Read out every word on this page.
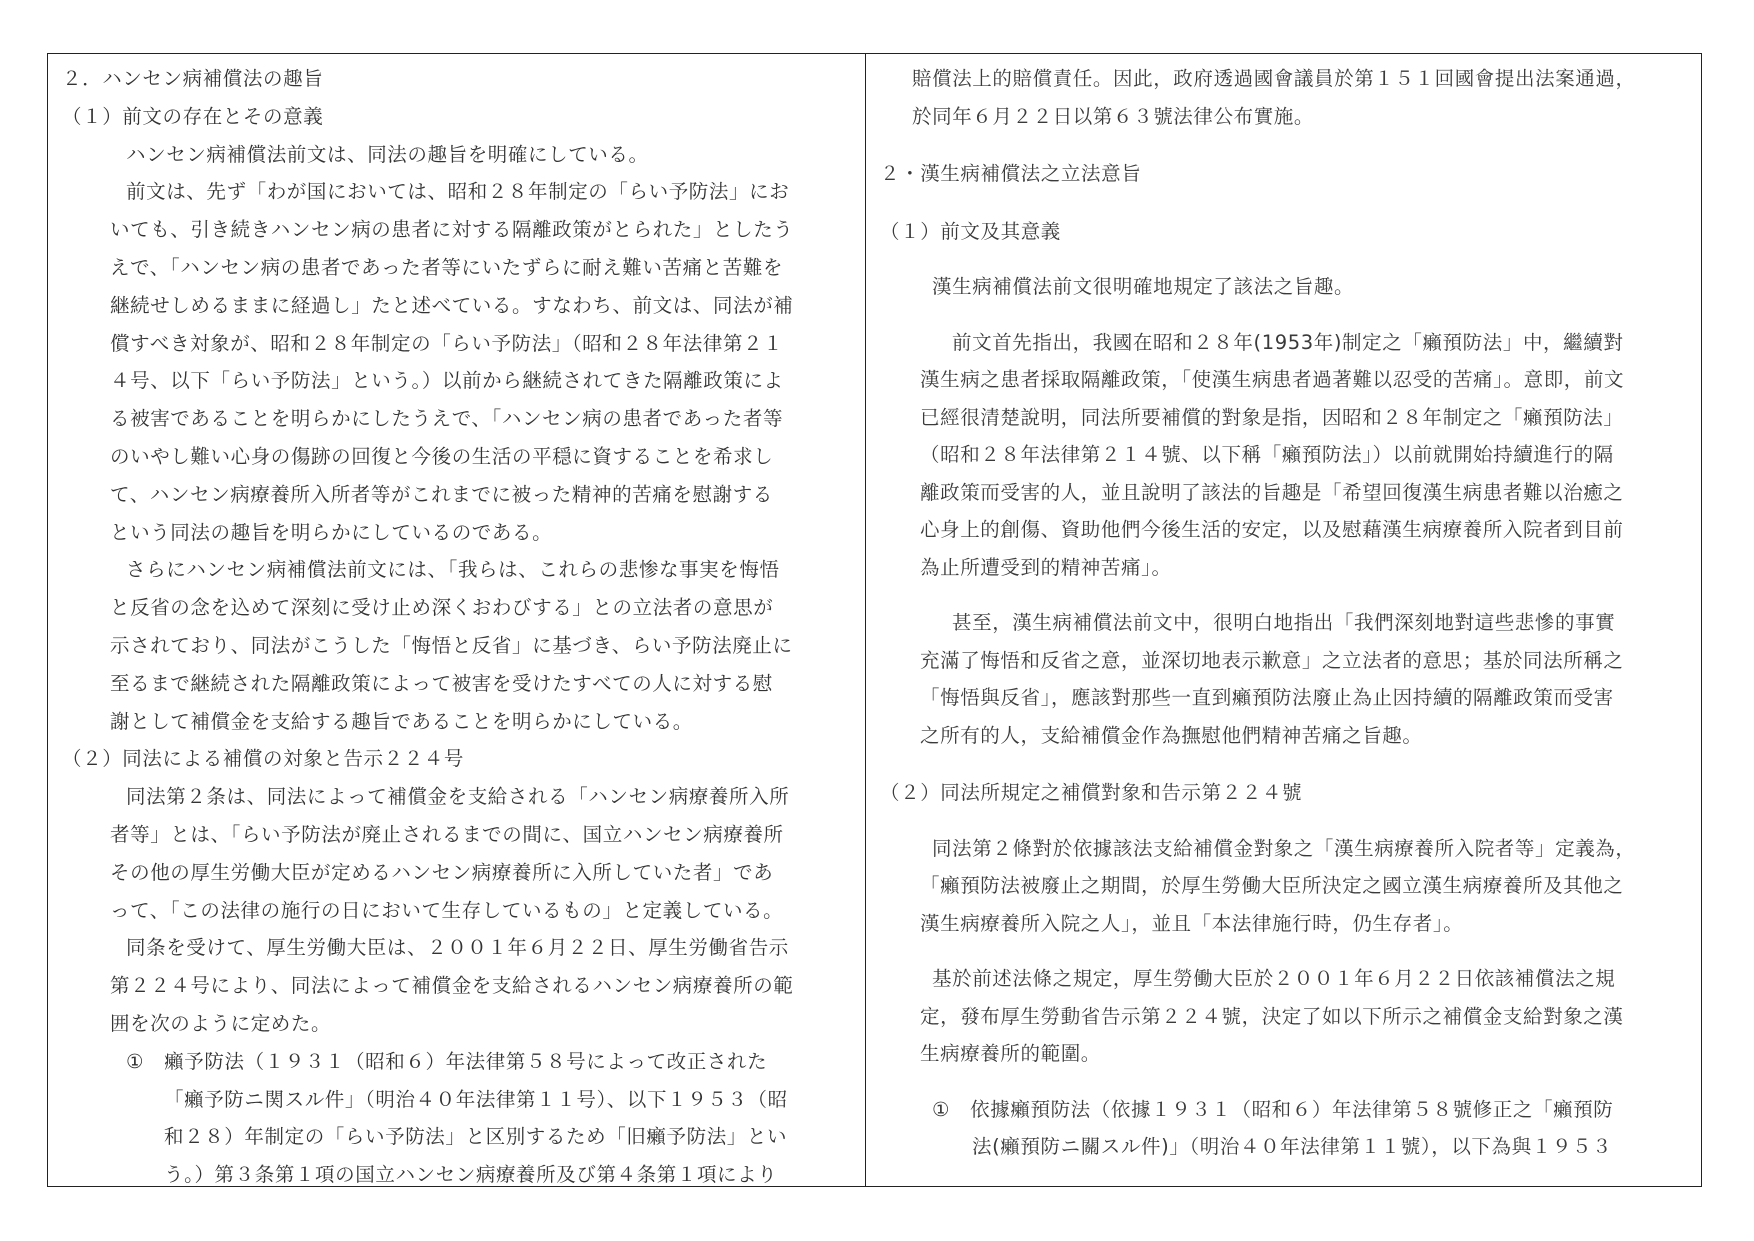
２．ハンセン病補償法の趣旨

（１）前文の存在とその意義

ハンセン病補償法前文は、同法の趣旨を明確にしている。

前文は、先ず「わが国においては、昭和２８年制定の「らい予防法」にお

いても、引き続きハンセン病の患者に対する隔離政策がとられた」としたう

えで、「ハンセン病の患者であった者等にいたずらに耐え難い苦痛と苦難を

継続せしめるままに経過し」たと述べている。すなわち、前文は、同法が補

償すべき対象が、昭和２８年制定の「らい予防法」（昭和２８年法律第２１

４号、以下「らい予防法」という。）以前から継続されてきた隔離政策によ

る被害であることを明らかにしたうえで、「ハンセン病の患者であった者等

のいやし難い心身の傷跡の回復と今後の生活の平穏に資することを希求し

て、ハンセン病療養所入所者等がこれまでに被った精神的苦痛を慰謝する

という同法の趣旨を明らかにしているのである。

さらにハンセン病補償法前文には、「我らは、これらの悲惨な事実を悔悟

と反省の念を込めて深刻に受け止め深くおわびする」との立法者の意思が

示されており、同法がこうした「悔悟と反省」に基づき、らい予防法廃止に

至るまで継続された隔離政策によって被害を受けたすべての人に対する慰

謝として補償金を支給する趣旨であることを明らかにしている。

（２）同法による補償の対象と告示２２４号

同法第２条は、同法によって補償金を支給される「ハンセン病療養所入所

者等」とは、「らい予防法が廃止されるまでの間に、国立ハンセン病療養所

その他の厚生労働大臣が定めるハンセン病療養所に入所していた者」であ

って、「この法律の施行の日において生存しているもの」と定義している。

同条を受けて、厚生労働大臣は、２００１年６月２２日、厚生労働省告示

第２２４号により、同法によって補償金を支給されるハンセン病療養所の範

囲を次のように定めた。

①　癩予防法（１９３１（昭和６）年法律第５８号によって改正された

「癩予防ニ関スル件」（明治４０年法律第１１号）、以下１９５３（昭

和２８）年制定の「らい予防法」と区別するため「旧癩予防法」とい

う。）第３条第１項の国立ハンセン病療養所及び第４条第１項により

賠償法上的賠償責任。因此，政府透過國會議員於第１５１回國會提出法案通過，

於同年６月２２日以第６３號法律公布實施。

２・漢生病補償法之立法意旨

（１）前文及其意義

漢生病補償法前文很明確地規定了該法之旨趣。

前文首先指出，我國在昭和２８年(1953年)制定之「癩預防法」中，繼續對

漢生病之患者採取隔離政策，「使漢生病患者過著難以忍受的苦痛」。意即，前文

已經很清楚說明，同法所要補償的對象是指，因昭和２８年制定之「癩預防法」

（昭和２８年法律第２１４號、以下稱「癩預防法」）以前就開始持續進行的隔

離政策而受害的人，並且說明了該法的旨趣是「希望回復漢生病患者難以治癒之

心身上的創傷、資助他們今後生活的安定，以及慰藉漢生病療養所入院者到目前

為止所遭受到的精神苦痛」。

甚至，漢生病補償法前文中，很明白地指出「我們深刻地對這些悲慘的事實

充滿了悔悟和反省之意，並深切地表示歉意」之立法者的意思；基於同法所稱之

「悔悟與反省」，應該對那些一直到癩預防法廢止為止因持續的隔離政策而受害

之所有的人，支給補償金作為撫慰他們精神苦痛之旨趣。

（２）同法所規定之補償對象和告示第２２４號

同法第２條對於依據該法支給補償金對象之「漢生病療養所入院者等」定義為，

「癩預防法被廢止之期間，於厚生勞働大臣所決定之國立漢生病療養所及其他之

漢生病療養所入院之人」，並且「本法律施行時，仍生存者」。

基於前述法條之規定，厚生勞働大臣於２００１年６月２２日依該補償法之規

定，發布厚生勞動省告示第２２４號，決定了如以下所示之補償金支給對象之漢

生病療養所的範圍。

①　依據癩預防法（依據１９３１（昭和６）年法律第５８號修正之「癩預防

法(癩預防ニ關スル件)」（明治４０年法律第１１號），以下為與１９５３
